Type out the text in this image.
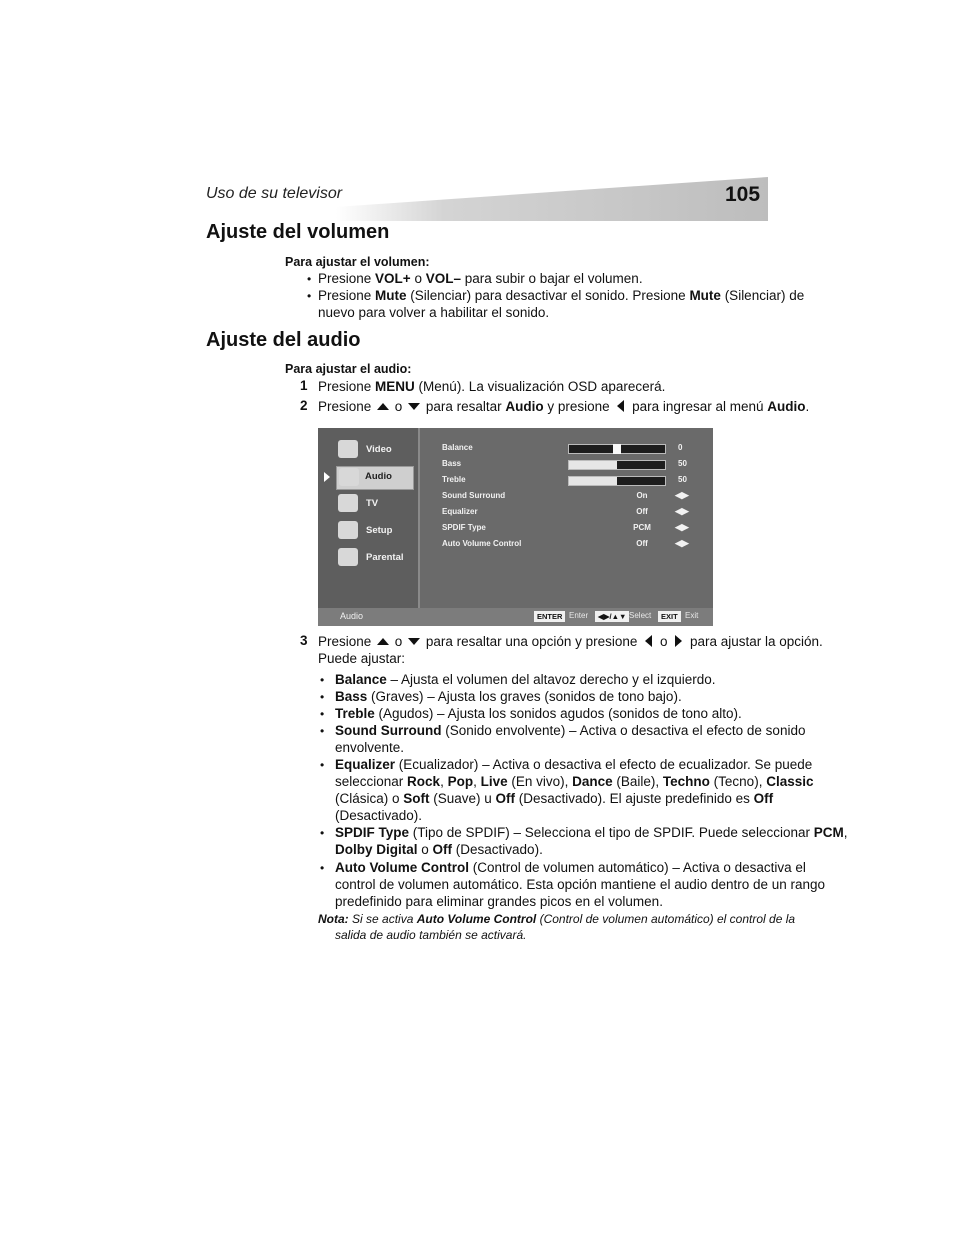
Uso de su televisor	105
Ajuste del volumen
Para ajustar el volumen:
• Presione VOL+ o VOL– para subir o bajar el volumen.
• Presione Mute (Silenciar) para desactivar el sonido. Presione Mute (Silenciar) de
nuevo para volver a habilitar el sonido.
Ajuste del audio
Para ajustar el audio:
1 Presione MENU (Menú). La visualización OSD aparecerá.
2 Presione  o  para resaltar Audio y presione  para ingresar al menú Audio.
Video
Audio
TV
Setup
Parental
Balance	0
Bass	50
Treble	50
Sound Surround	On	◀▶
Equalizer	Off	◀▶
SPDIF Type	PCM	◀▶
Auto Volume Control	Off	◀▶
Audio	ENTER Enter	◀▶/▲▼ Select	EXIT Exit
3 Presione  o  para resaltar una opción y presione  o  para ajustar la opción.
Puede ajustar:
• Balance – Ajusta el volumen del altavoz derecho y el izquierdo.
• Bass (Graves) – Ajusta los graves (sonidos de tono bajo).
• Treble (Agudos) – Ajusta los sonidos agudos (sonidos de tono alto).
• Sound Surround (Sonido envolvente) – Activa o desactiva el efecto de sonido
envolvente.
• Equalizer (Ecualizador) – Activa o desactiva el efecto de ecualizador. Se puede
seleccionar Rock, Pop, Live (En vivo), Dance (Baile), Techno (Tecno), Classic
(Clásica) o Soft (Suave) u Off (Desactivado). El ajuste predefinido es Off
(Desactivado).
• SPDIF Type (Tipo de SPDIF) – Selecciona el tipo de SPDIF. Puede seleccionar PCM,
Dolby Digital o Off (Desactivado).
• Auto Volume Control (Control de volumen automático) – Activa o desactiva el
control de volumen automático. Esta opción mantiene el audio dentro de un rango
predefinido para eliminar grandes picos en el volumen.
Nota: Si se activa Auto Volume Control (Control de volumen automático) el control de la
salida de audio también se activará.
